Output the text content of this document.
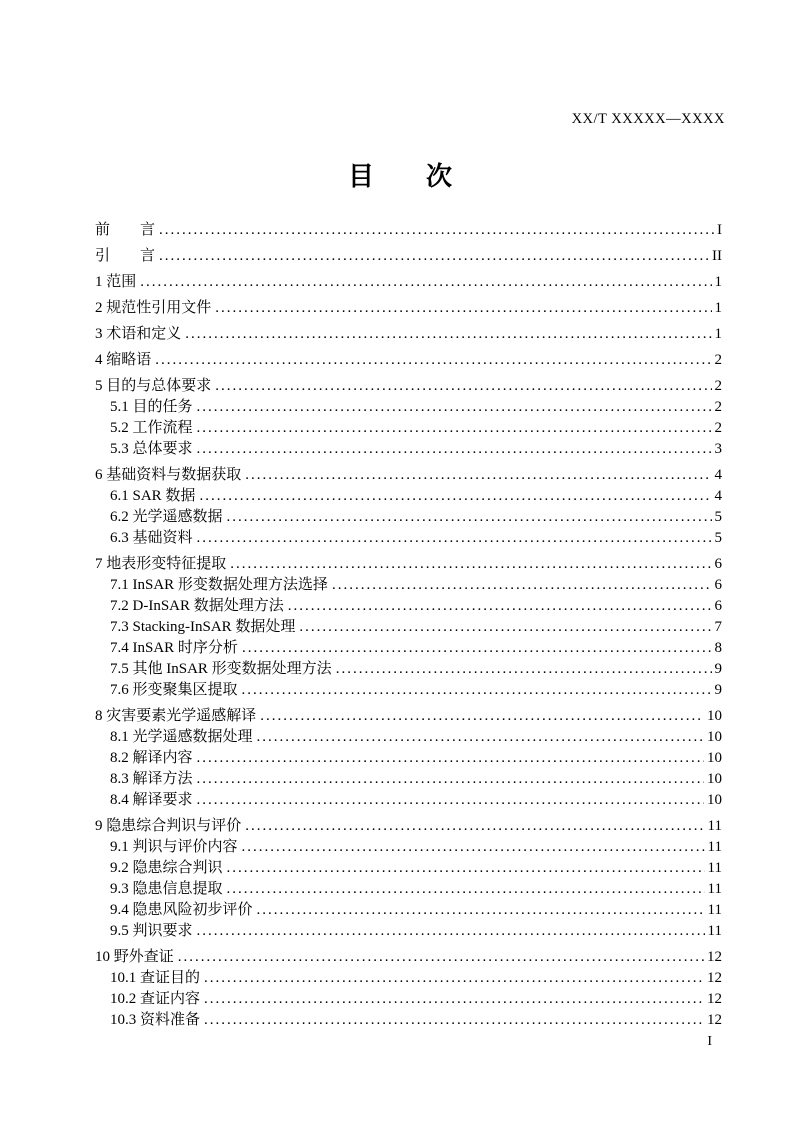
XX/T XXXXX—XXXX

目　　次
前　　言 .....	I
引　　言 .....	II
1 范围 .....	1
2 规范性引用文件 .....	1
3 术语和定义 .....	1
4 缩略语 .....	2
5 目的与总体要求 .....	2
5.1 目的任务 .....	2
5.2 工作流程 .....	2
5.3 总体要求 .....	3
6 基础资料与数据获取 .....	4
6.1 SAR 数据 .....	4
6.2 光学遥感数据 .....	5
6.3 基础资料 .....	5
7 地表形变特征提取 .....	6
7.1 InSAR 形变数据处理方法选择 .....	6
7.2 D-InSAR 数据处理方法 .....	6
7.3 Stacking-InSAR 数据处理 .....	7
7.4 InSAR 时序分析 .....	8
7.5 其他 InSAR 形变数据处理方法 .....	9
7.6 形变聚集区提取 .....	9
8 灾害要素光学遥感解译 .....	10
8.1 光学遥感数据处理 .....	10
8.2 解译内容 .....	10
8.3 解译方法 .....	10
8.4 解译要求 .....	10
9 隐患综合判识与评价 .....	11
9.1 判识与评价内容 .....	11
9.2 隐患综合判识 .....	11
9.3 隐患信息提取 .....	11
9.4 隐患风险初步评价 .....	11
9.5 判识要求 .....	11
10 野外查证 .....	12
10.1 查证目的 .....	12
10.2 查证内容 .....	12
10.3 资料准备 .....	12
I
